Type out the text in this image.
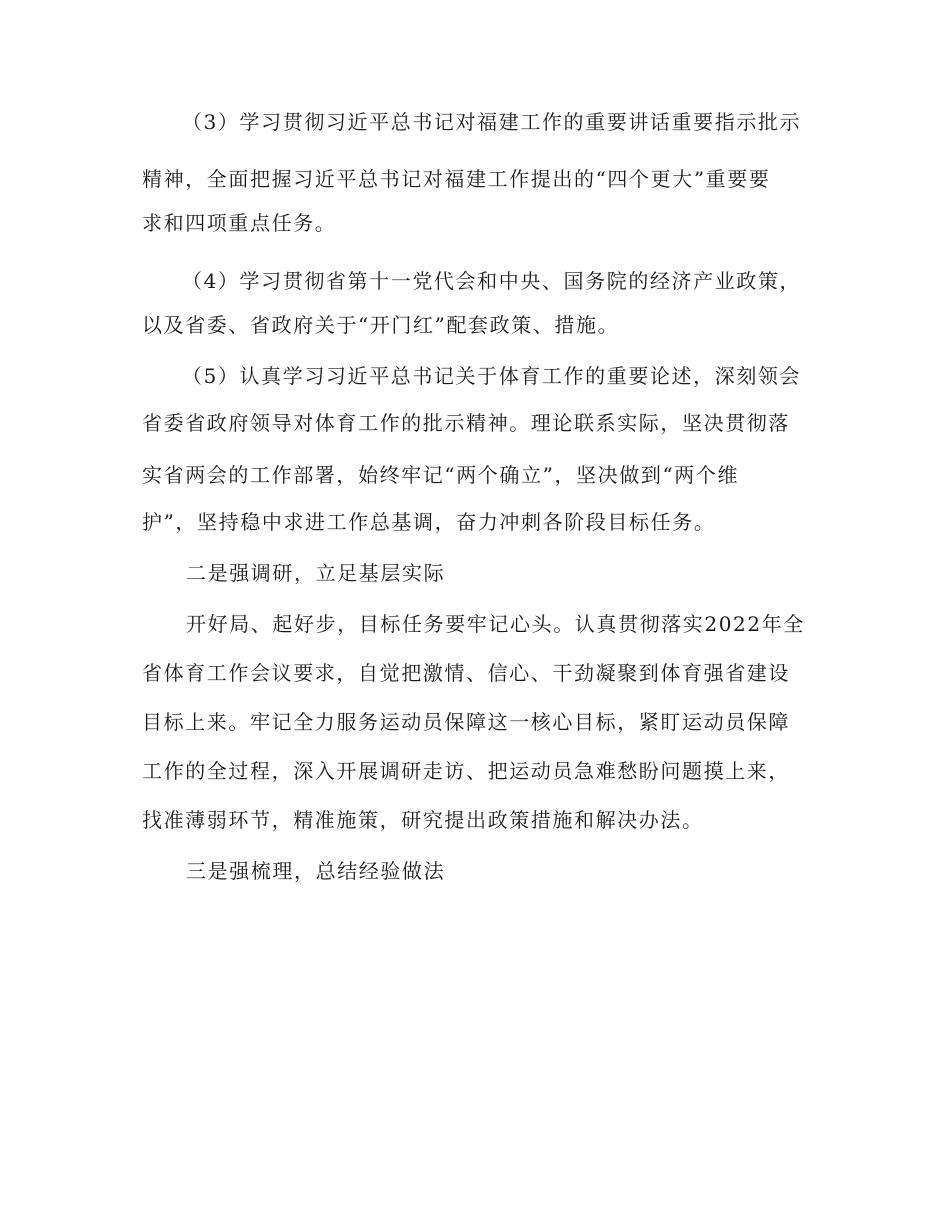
（3）学习贯彻习近平总书记对福建工作的重要讲话重要指示批示
精神，全面把握习近平总书记对福建工作提出的“四个更大”重要要
求和四项重点任务。
（4）学习贯彻省第十一党代会和中央、国务院的经济产业政策，
以及省委、省政府关于“开门红”配套政策、措施。
（5）认真学习习近平总书记关于体育工作的重要论述，深刻领会
省委省政府领导对体育工作的批示精神。理论联系实际，坚决贯彻落
实省两会的工作部署，始终牢记“两个确立”，坚决做到“两个维
护”，坚持稳中求进工作总基调，奋力冲刺各阶段目标任务。
二是强调研，立足基层实际
开好局、起好步，目标任务要牢记心头。认真贯彻落实2022年全
省体育工作会议要求，自觉把激情、信心、干劲凝聚到体育强省建设
目标上来。牢记全力服务运动员保障这一核心目标，紧盯运动员保障
工作的全过程，深入开展调研走访、把运动员急难愁盼问题摸上来，
找准薄弱环节，精准施策，研究提出政策措施和解决办法。
三是强梳理，总结经验做法
